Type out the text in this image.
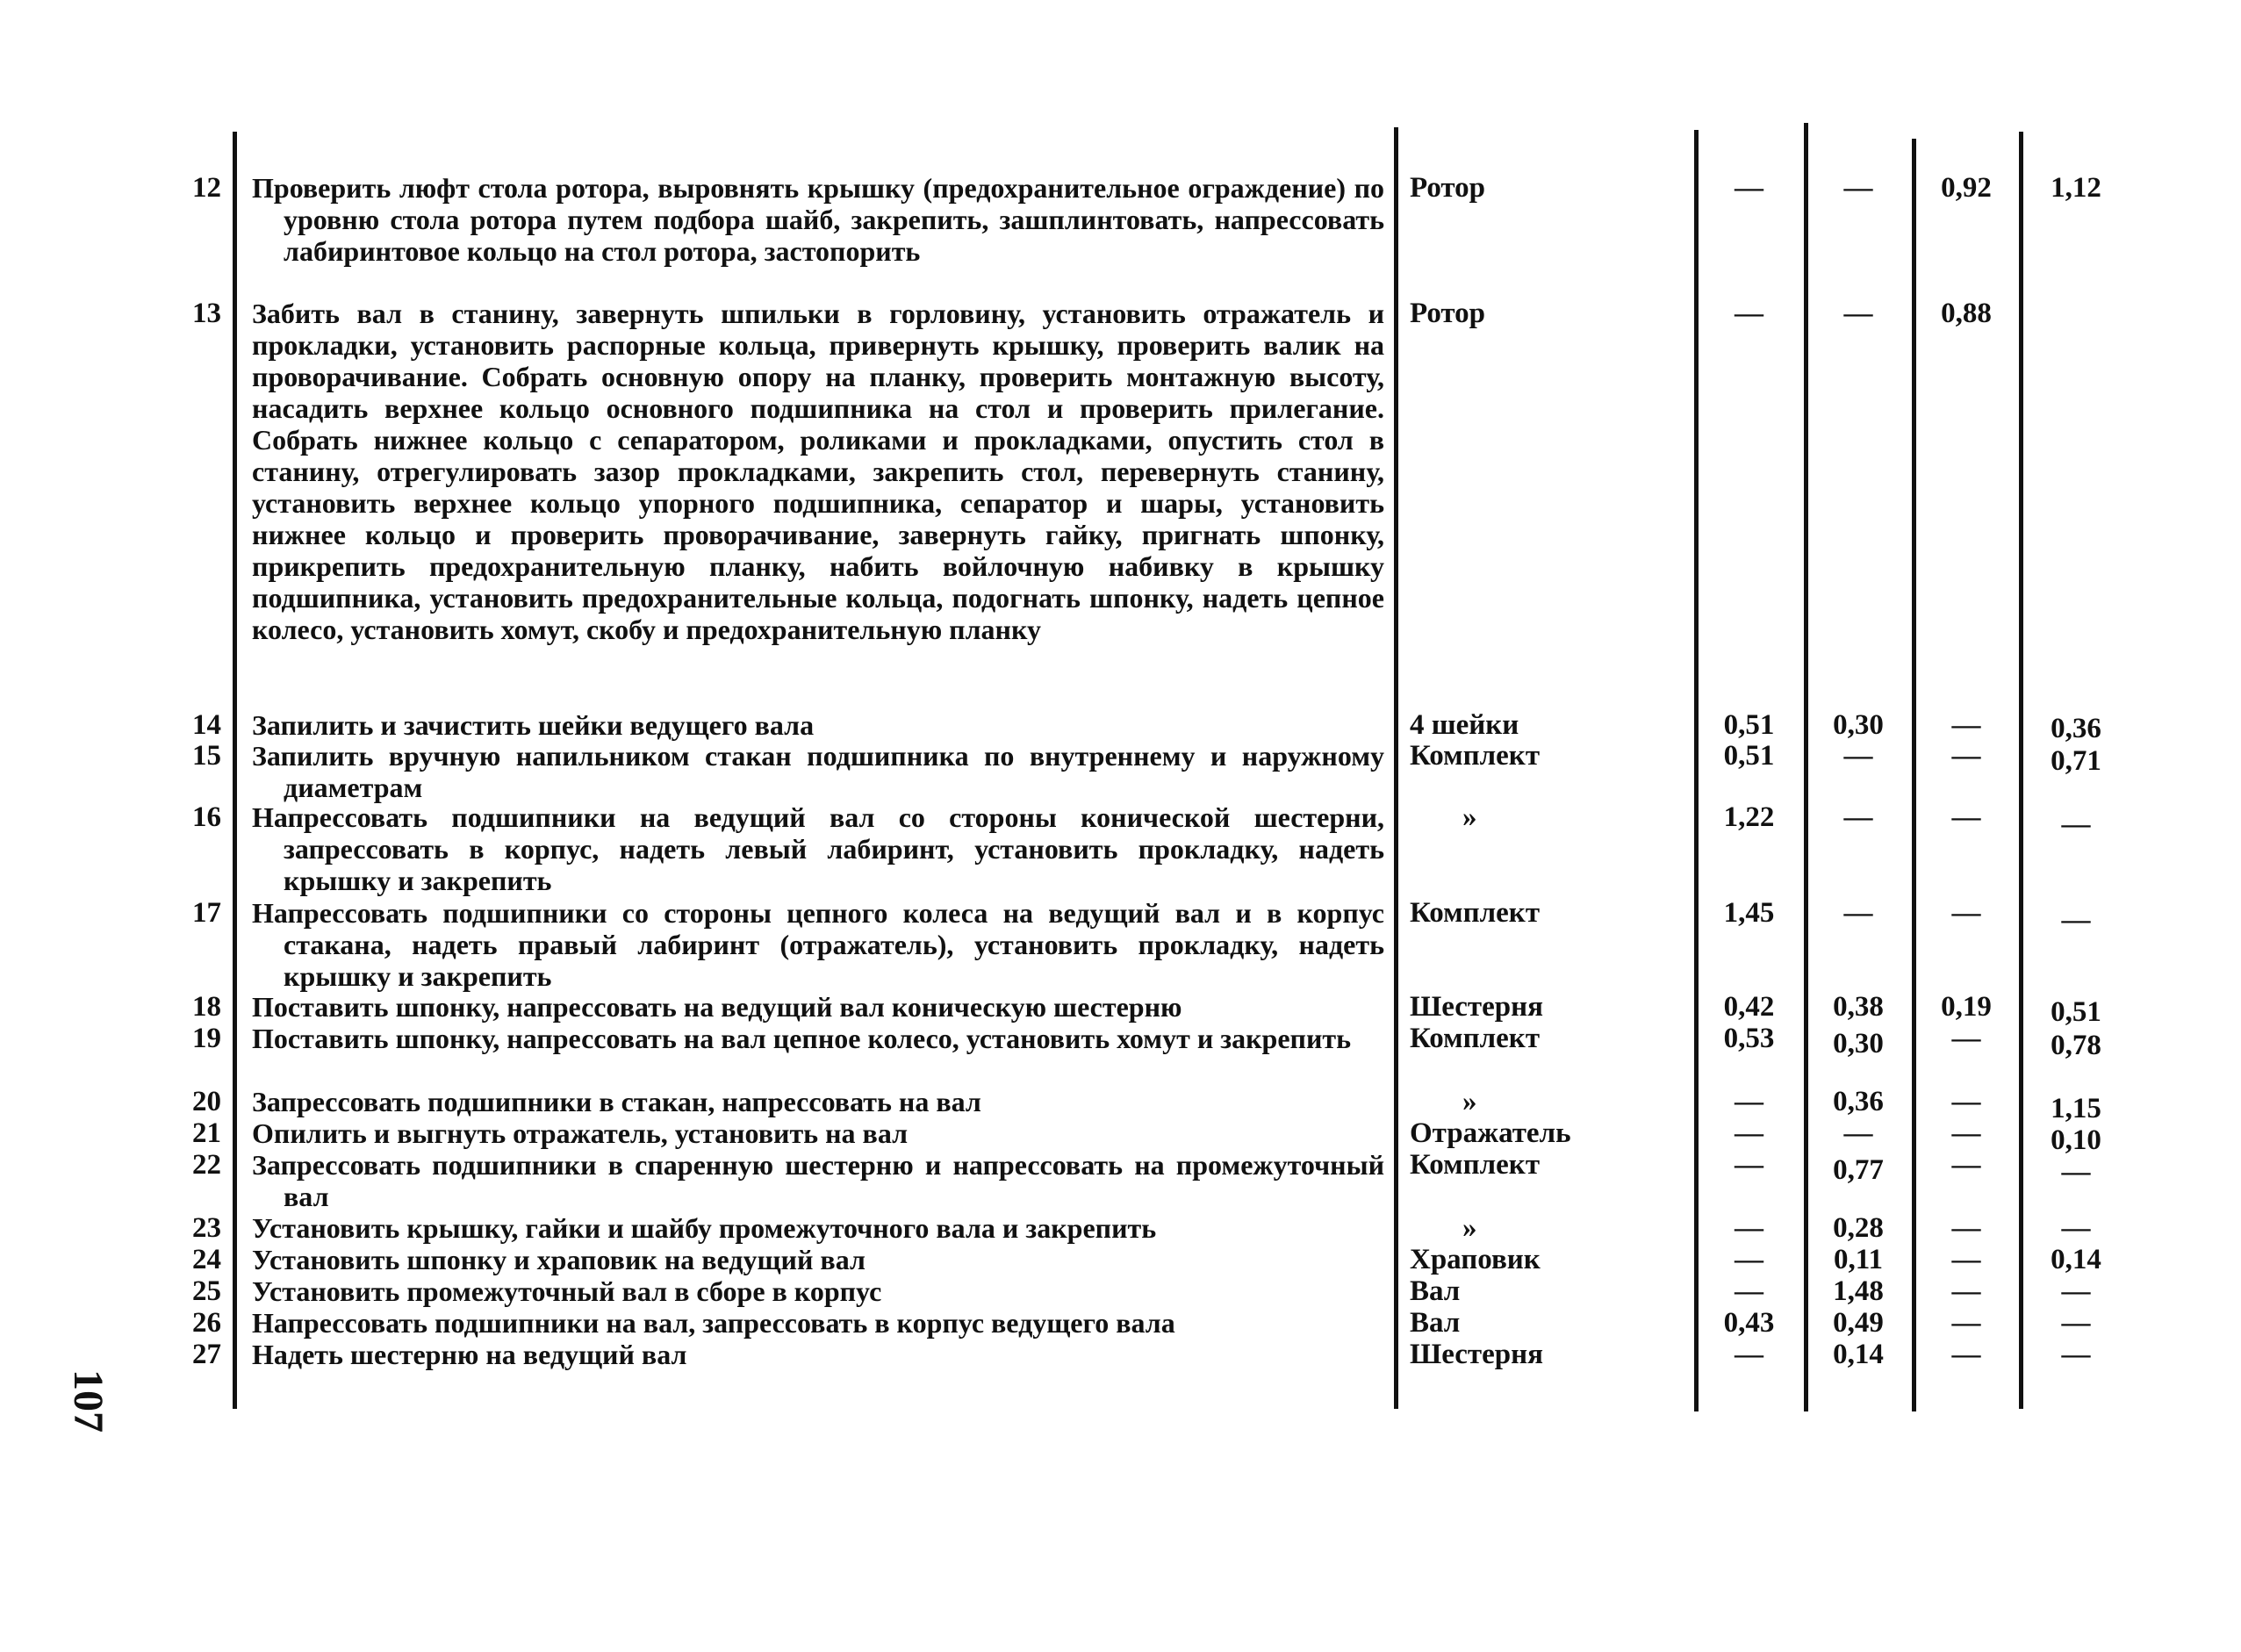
12 Проверить люфт стола ротора, выровнять крышку (предохранительное ограждение) по уровню стола ротора путем подбора шайб, закрепить, зашплинтовать, напрессовать лабиринтовое кольцо на стол ротора, застопорить
Ротор	—	—	0,92	1,12
13 Забить вал в станину, завернуть шпильки в горловину, установить отражатель и прокладки, установить распорные кольца, привернуть крышку, проверить валик на проворачивание. Собрать основную опору на планку, проверить монтажную высоту, насадить верхнее кольцо основного подшипника на стол и проверить прилегание. Собрать нижнее кольцо с сепаратором, роликами и прокладками, опустить стол в станину, отрегулировать зазор прокладками, закрепить стол, перевернуть станину, установить верхнее кольцо упорного подшипника, сепаратор и шары, установить нижнее кольцо и проверить проворачивание, завернуть гайку, пригнать шпонку, прикрепить предохранительную планку, набить войлочную набивку в крышку подшипника, установить предохранительные кольца, подогнать шпонку, надеть цепное колесо, установить хомут, скобу и предохранительную планку
Ротор	—	—	0,88
14 Запилить и зачистить шейки ведущего вала	4 шейки	0,51	0,30	—	0,36
15 Запилить вручную напильником стакан подшипника по внутреннему и наружному диаметрам
Комплект	0,51	—	—	0,71
16 Напрессовать подшипники на ведущий вал со стороны конической шестерни, запрессовать в корпус, надеть левый лабиринт, установить прокладку, надеть крышку и закрепить
»	1,22	—	—	—
17 Напрессовать подшипники со стороны цепного колеса на ведущий вал и в корпус стакана, надеть правый лабиринт (отражатель), установить прокладку, надеть крышку и закрепить
Комплект	1,45	—	—	—
18 Поставить шпонку, напрессовать на ведущий вал коническую шестерню	Шестерня	0,42	0,38	0,19	0,51
19 Поставить шпонку, напрессовать на вал цепное колесо, установить хомут и закрепить	Комплект	0,53	0,30	—	0,78
20 Запрессовать подшипники в стакан, напрессовать на вал	»	—	0,36	—	1,15
21 Опилить и выгнуть отражатель, установить на вал	Отражатель	—	—	—	0,10
22 Запрессовать подшипники в спаренную шестерню и напрессовать на промежуточный вал
Комплект	—	0,77	—	—
23 Установить крышку, гайки и шайбу промежуточного вала и закрепить	»	—	0,28	—	—
24 Установить шпонку и храповик на ведущий вал	Храповик	—	0,11	—	0,14
25 Установить промежуточный вал в сборе в корпус	Вал	—	1,48	—	—
26 Напрессовать подшипники на вал, запрессовать в корпус ведущего вала	Вал	0,43	0,49	—	—
27 Надеть шестерню на ведущий вал	Шестерня	—	0,14	—	—
107
